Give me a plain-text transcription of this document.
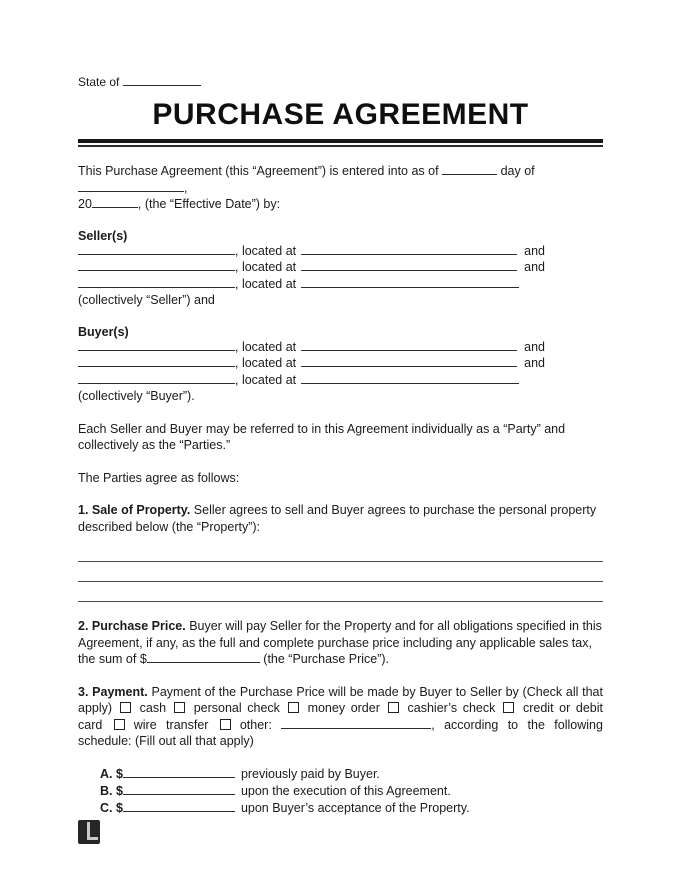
State of
PURCHASE AGREEMENT

This Purchase Agreement (this “Agreement”) is entered into as of	day of ,
20	, (the “Effective Date”) by:

Seller(s)
, located at	and
, located at	and
, located at
(collectively “Seller”) and
Buyer(s)
, located at	and
, located at	and
, located at
(collectively “Buyer”).

Each Seller and Buyer may be referred to in this Agreement individually as a “Party” and collectively as the “Parties.”

The Parties agree as follows:

1. Sale of Property. Seller agrees to sell and Buyer agrees to purchase the personal property described below (the “Property”):

2. Purchase Price. Buyer will pay Seller for the Property and for all obligations specified in this Agreement, if any, as the full and complete purchase price including any applicable sales tax, the sum of $	(the “Purchase Price”).

3. Payment. Payment of the Purchase Price will be made by Buyer to Seller by (Check all that apply) cash personal check money order cashier’s check credit or debit card	wire transfer	other:	, according to the following schedule: (Fill out all that apply)

A. $	previously paid by Buyer.
B. $	upon the execution of this Agreement.
C. $	upon Buyer’s acceptance of the Property.
